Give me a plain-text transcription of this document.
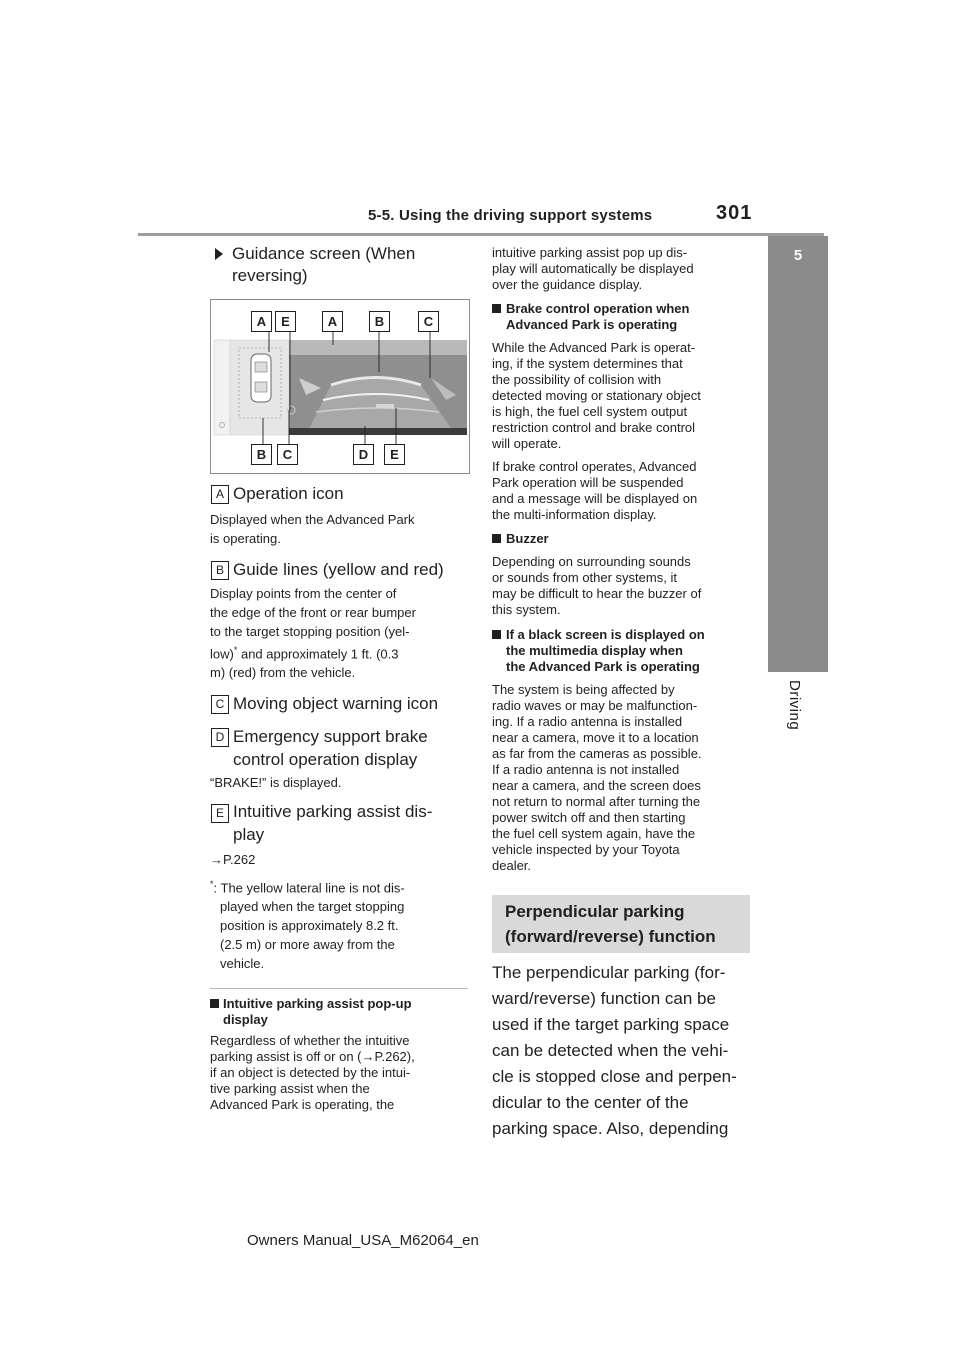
5-5. Using the driving support systems	301
5
Driving
Guidance screen (When
reversing)
A	E	A	B	C
B	C	D	E
A Operation icon
Displayed when the Advanced Park
is operating.
B Guide lines (yellow and red)
Display points from the center of
the edge of the front or rear bumper
to the target stopping position (yel-
low)* and approximately 1 ft. (0.3
m) (red) from the vehicle.
C Moving object warning icon
D Emergency support brake
control operation display
“BRAKE!” is displayed.
E Intuitive parking assist dis-
play
→P.262
*: The yellow lateral line is not dis-
played when the target stopping
position is approximately 8.2 ft.
(2.5 m) or more away from the
vehicle.
Intuitive parking assist pop-up
display
Regardless of whether the intuitive
parking assist is off or on (→P.262),
if an object is detected by the intui-
tive parking assist when the
Advanced Park is operating, the
intuitive parking assist pop up dis-
play will automatically be displayed
over the guidance display.
Brake control operation when
Advanced Park is operating
While the Advanced Park is operat-
ing, if the system determines that
the possibility of collision with
detected moving or stationary object
is high, the fuel cell system output
restriction control and brake control
will operate.
If brake control operates, Advanced
Park operation will be suspended
and a message will be displayed on
the multi-information display.
Buzzer
Depending on surrounding sounds
or sounds from other systems, it
may be difficult to hear the buzzer of
this system.
If a black screen is displayed on
the multimedia display when
the Advanced Park is operating
The system is being affected by
radio waves or may be malfunction-
ing. If a radio antenna is installed
near a camera, move it to a location
as far from the cameras as possible.
If a radio antenna is not installed
near a camera, and the screen does
not return to normal after turning the
power switch off and then starting
the fuel cell system again, have the
vehicle inspected by your Toyota
dealer.
Perpendicular parking
(forward/reverse) function
The perpendicular parking (for-
ward/reverse) function can be
used if the target parking space
can be detected when the vehi-
cle is stopped close and perpen-
dicular to the center of the
parking space. Also, depending
Owners Manual_USA_M62064_en
